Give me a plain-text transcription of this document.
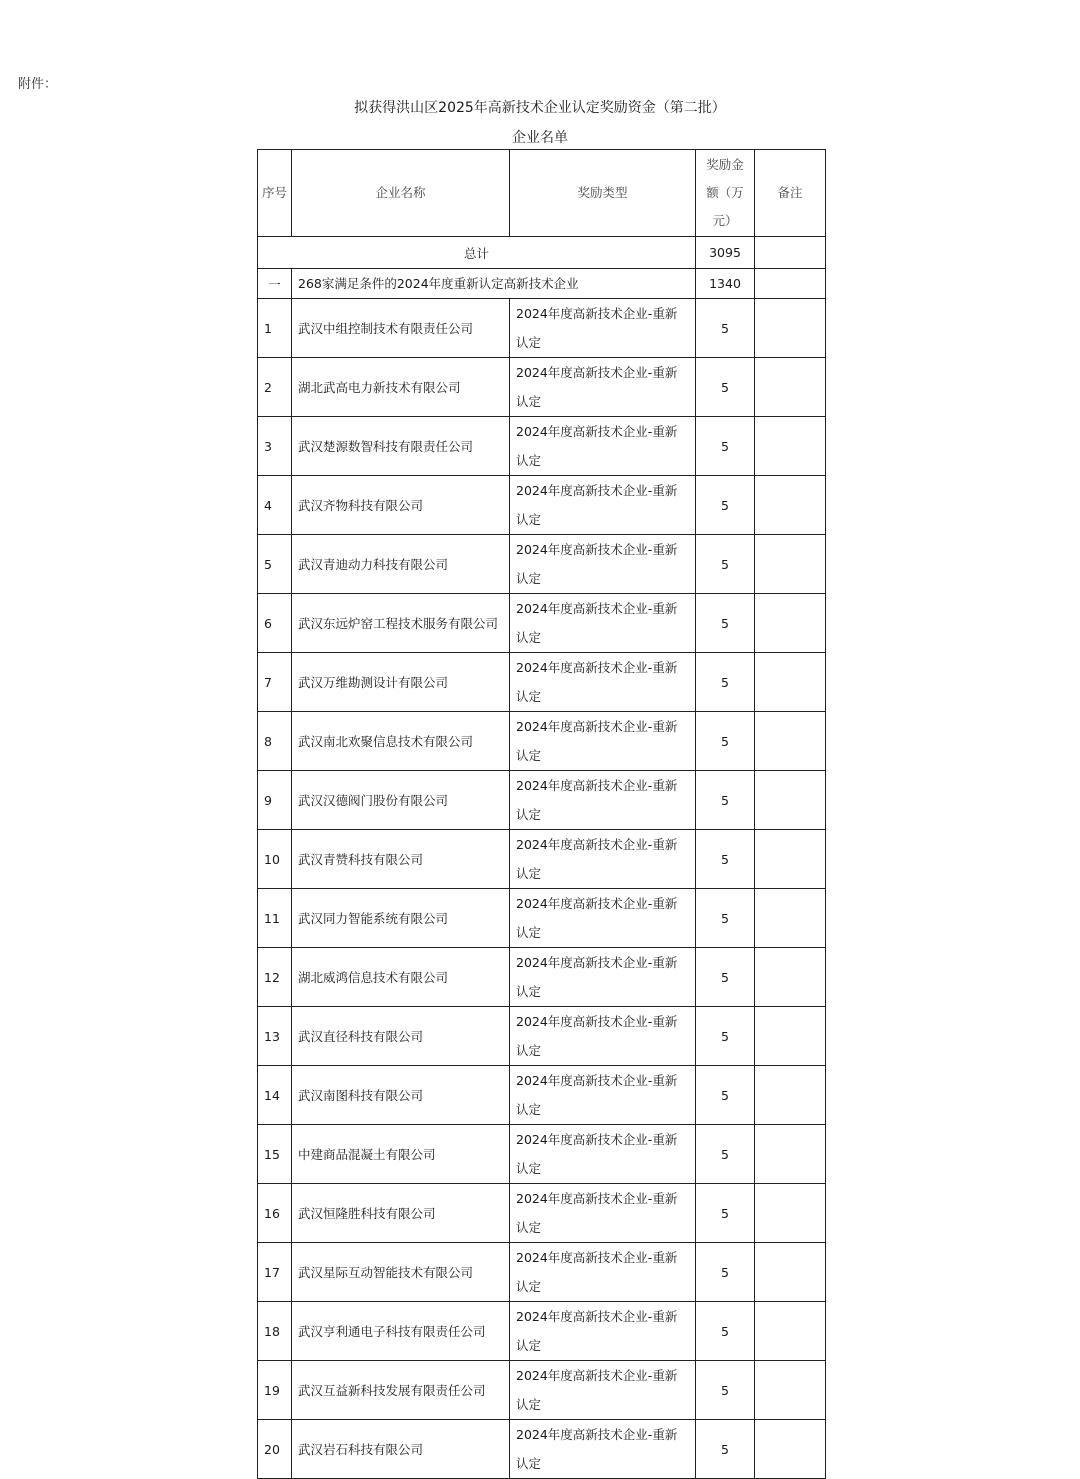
附件：
拟获得洪山区2025年高新技术企业认定奖励资金（第二批）
企业名单
序号	企业名称	奖励类型	奖励金额（万元）	备注
总计			3095	
一	268家满足条件的2024年度重新认定高新技术企业		1340	
1	武汉中组控制技术有限责任公司	2024年度高新技术企业-重新认定	5	
2	湖北武高电力新技术有限公司	2024年度高新技术企业-重新认定	5	
3	武汉楚源数智科技有限责任公司	2024年度高新技术企业-重新认定	5	
4	武汉齐物科技有限公司	2024年度高新技术企业-重新认定	5	
5	武汉青迪动力科技有限公司	2024年度高新技术企业-重新认定	5	
6	武汉东远炉窑工程技术服务有限公司	2024年度高新技术企业-重新认定	5	
7	武汉万维勘测设计有限公司	2024年度高新技术企业-重新认定	5	
8	武汉南北欢聚信息技术有限公司	2024年度高新技术企业-重新认定	5	
9	武汉汉德阀门股份有限公司	2024年度高新技术企业-重新认定	5	
10	武汉青赞科技有限公司	2024年度高新技术企业-重新认定	5	
11	武汉同力智能系统有限公司	2024年度高新技术企业-重新认定	5	
12	湖北威鸿信息技术有限公司	2024年度高新技术企业-重新认定	5	
13	武汉直径科技有限公司	2024年度高新技术企业-重新认定	5	
14	武汉南图科技有限公司	2024年度高新技术企业-重新认定	5	
15	中建商品混凝土有限公司	2024年度高新技术企业-重新认定	5	
16	武汉恒隆胜科技有限公司	2024年度高新技术企业-重新认定	5	
17	武汉星际互动智能技术有限公司	2024年度高新技术企业-重新认定	5	
18	武汉亨利通电子科技有限责任公司	2024年度高新技术企业-重新认定	5	
19	武汉互益新科技发展有限责任公司	2024年度高新技术企业-重新认定	5	
20	武汉岩石科技有限公司	2024年度高新技术企业-重新认定	5	
